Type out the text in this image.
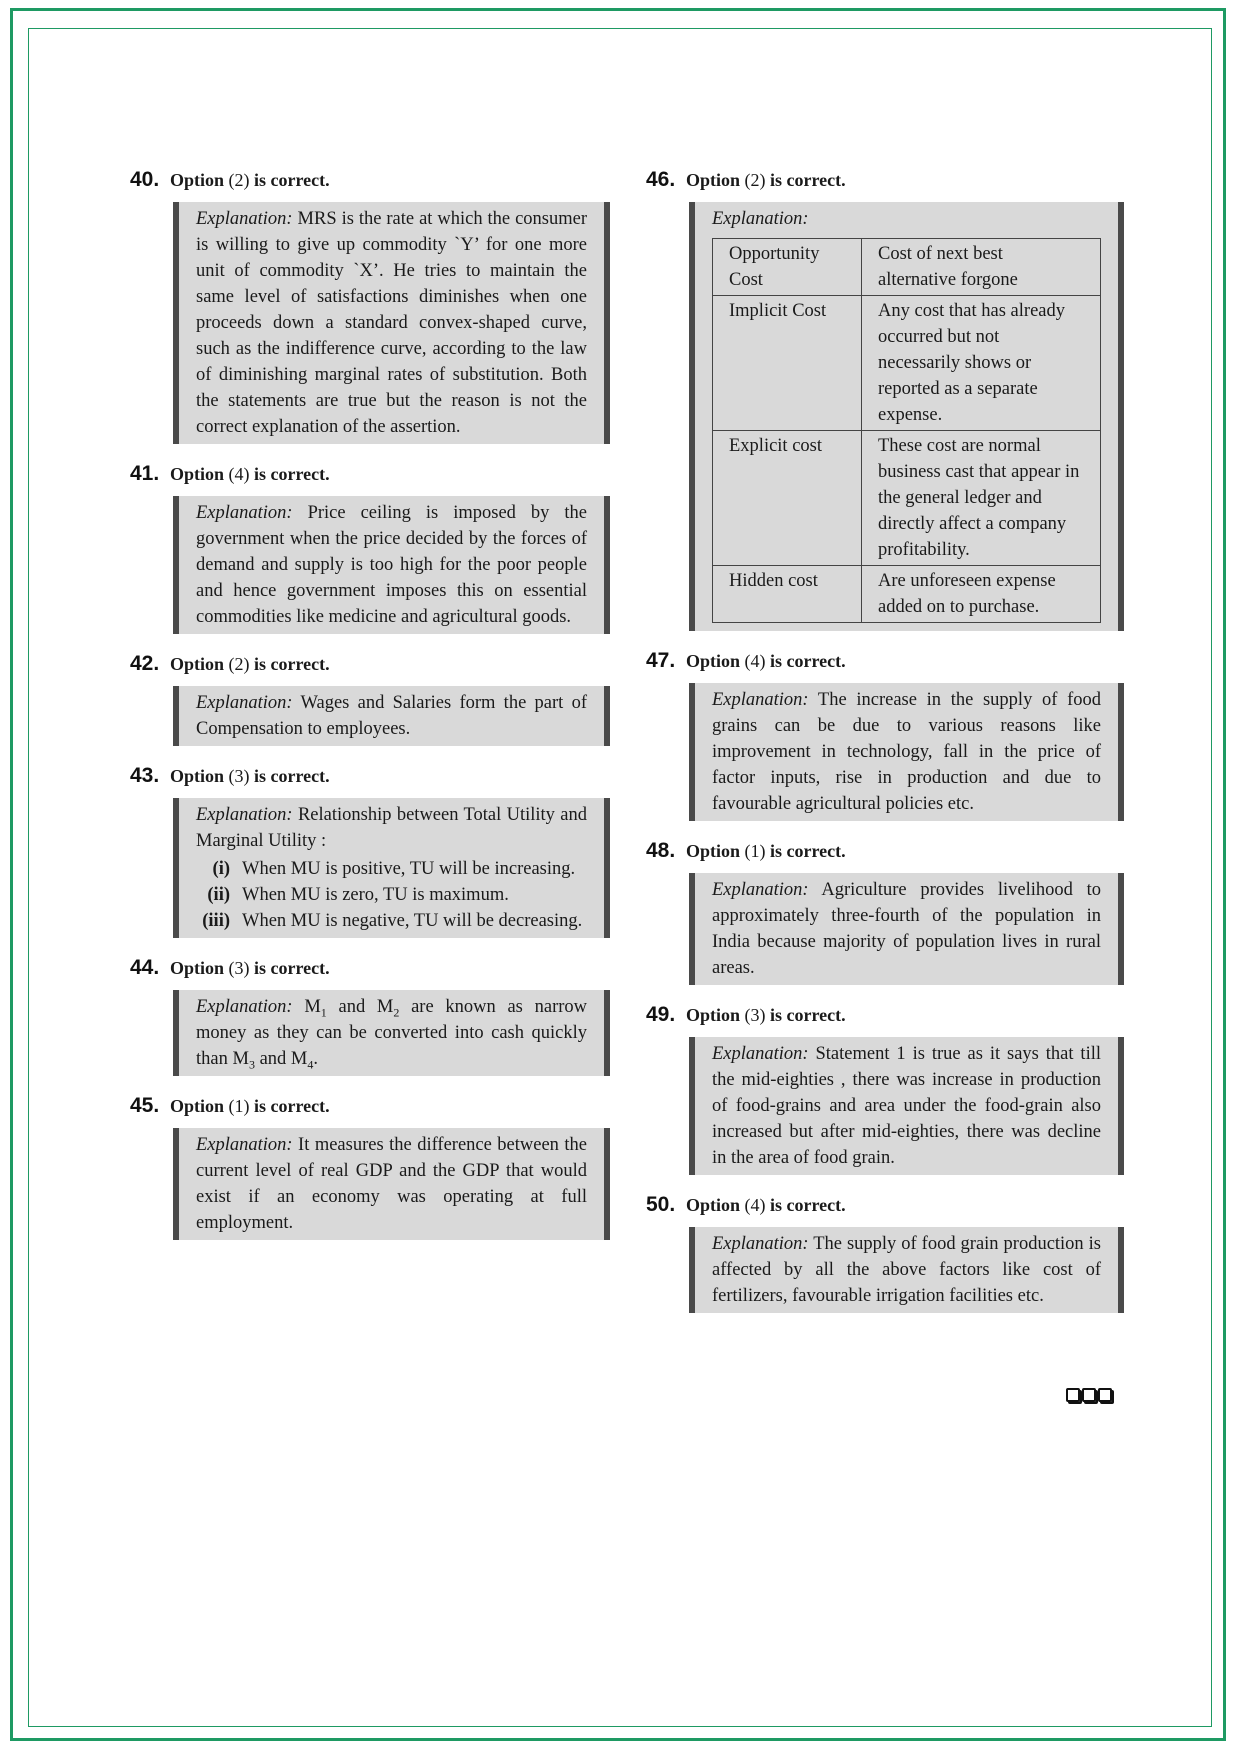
40. Option (2) is correct.
Explanation: MRS is the rate at which the consumer is willing to give up commodity `Y’ for one more unit of commodity `X’. He tries to maintain the same level of satisfactions diminishes when one proceeds down a standard convex-shaped curve, such as the indifference curve, according to the law of diminishing marginal rates of substitution. Both the statements are true but the reason is not the correct explanation of the assertion.
41. Option (4) is correct.
Explanation: Price ceiling is imposed by the government when the price decided by the forces of demand and supply is too high for the poor people and hence government imposes this on essential commodities like medicine and agricultural goods.
42. Option (2) is correct.
Explanation: Wages and Salaries form the part of Compensation to employees.
43. Option (3) is correct.
Explanation: Relationship between Total Utility and Marginal Utility :
(i) When MU is positive, TU will be increasing.
(ii) When MU is zero, TU is maximum.
(iii) When MU is negative, TU will be decreasing.
44. Option (3) is correct.
Explanation: $M_1$ and $M_2$ are known as narrow money as they can be converted into cash quickly than $M_3$ and $M_4$.
45. Option (1) is correct.
Explanation: It measures the difference between the current level of real GDP and the GDP that would exist if an economy was operating at full employment.
46. Option (2) is correct.
Explanation:
Opportunity Cost	Cost of next best alternative forgone
Implicit Cost	Any cost that has already occurred but not necessarily shows or reported as a separate expense.
Explicit cost	These cost are normal business cast that appear in the general ledger and directly affect a company profitability.
Hidden cost	Are unforeseen expense added on to purchase.
47. Option (4) is correct.
Explanation: The increase in the supply of food grains can be due to various reasons like improvement in technology, fall in the price of factor inputs, rise in production and due to favourable agricultural policies etc.
48. Option (1) is correct.
Explanation: Agriculture provides livelihood to approximately three-fourth of the population in India because majority of population lives in rural areas.
49. Option (3) is correct.
Explanation: Statement 1 is true as it says that till the mid-eighties , there was increase in production of food-grains and area under the food-grain also increased but after mid-eighties, there was decline in the area of food grain.
50. Option (4) is correct.
Explanation: The supply of food grain production is affected by all the above factors like cost of fertilizers, favourable irrigation facilities etc.
